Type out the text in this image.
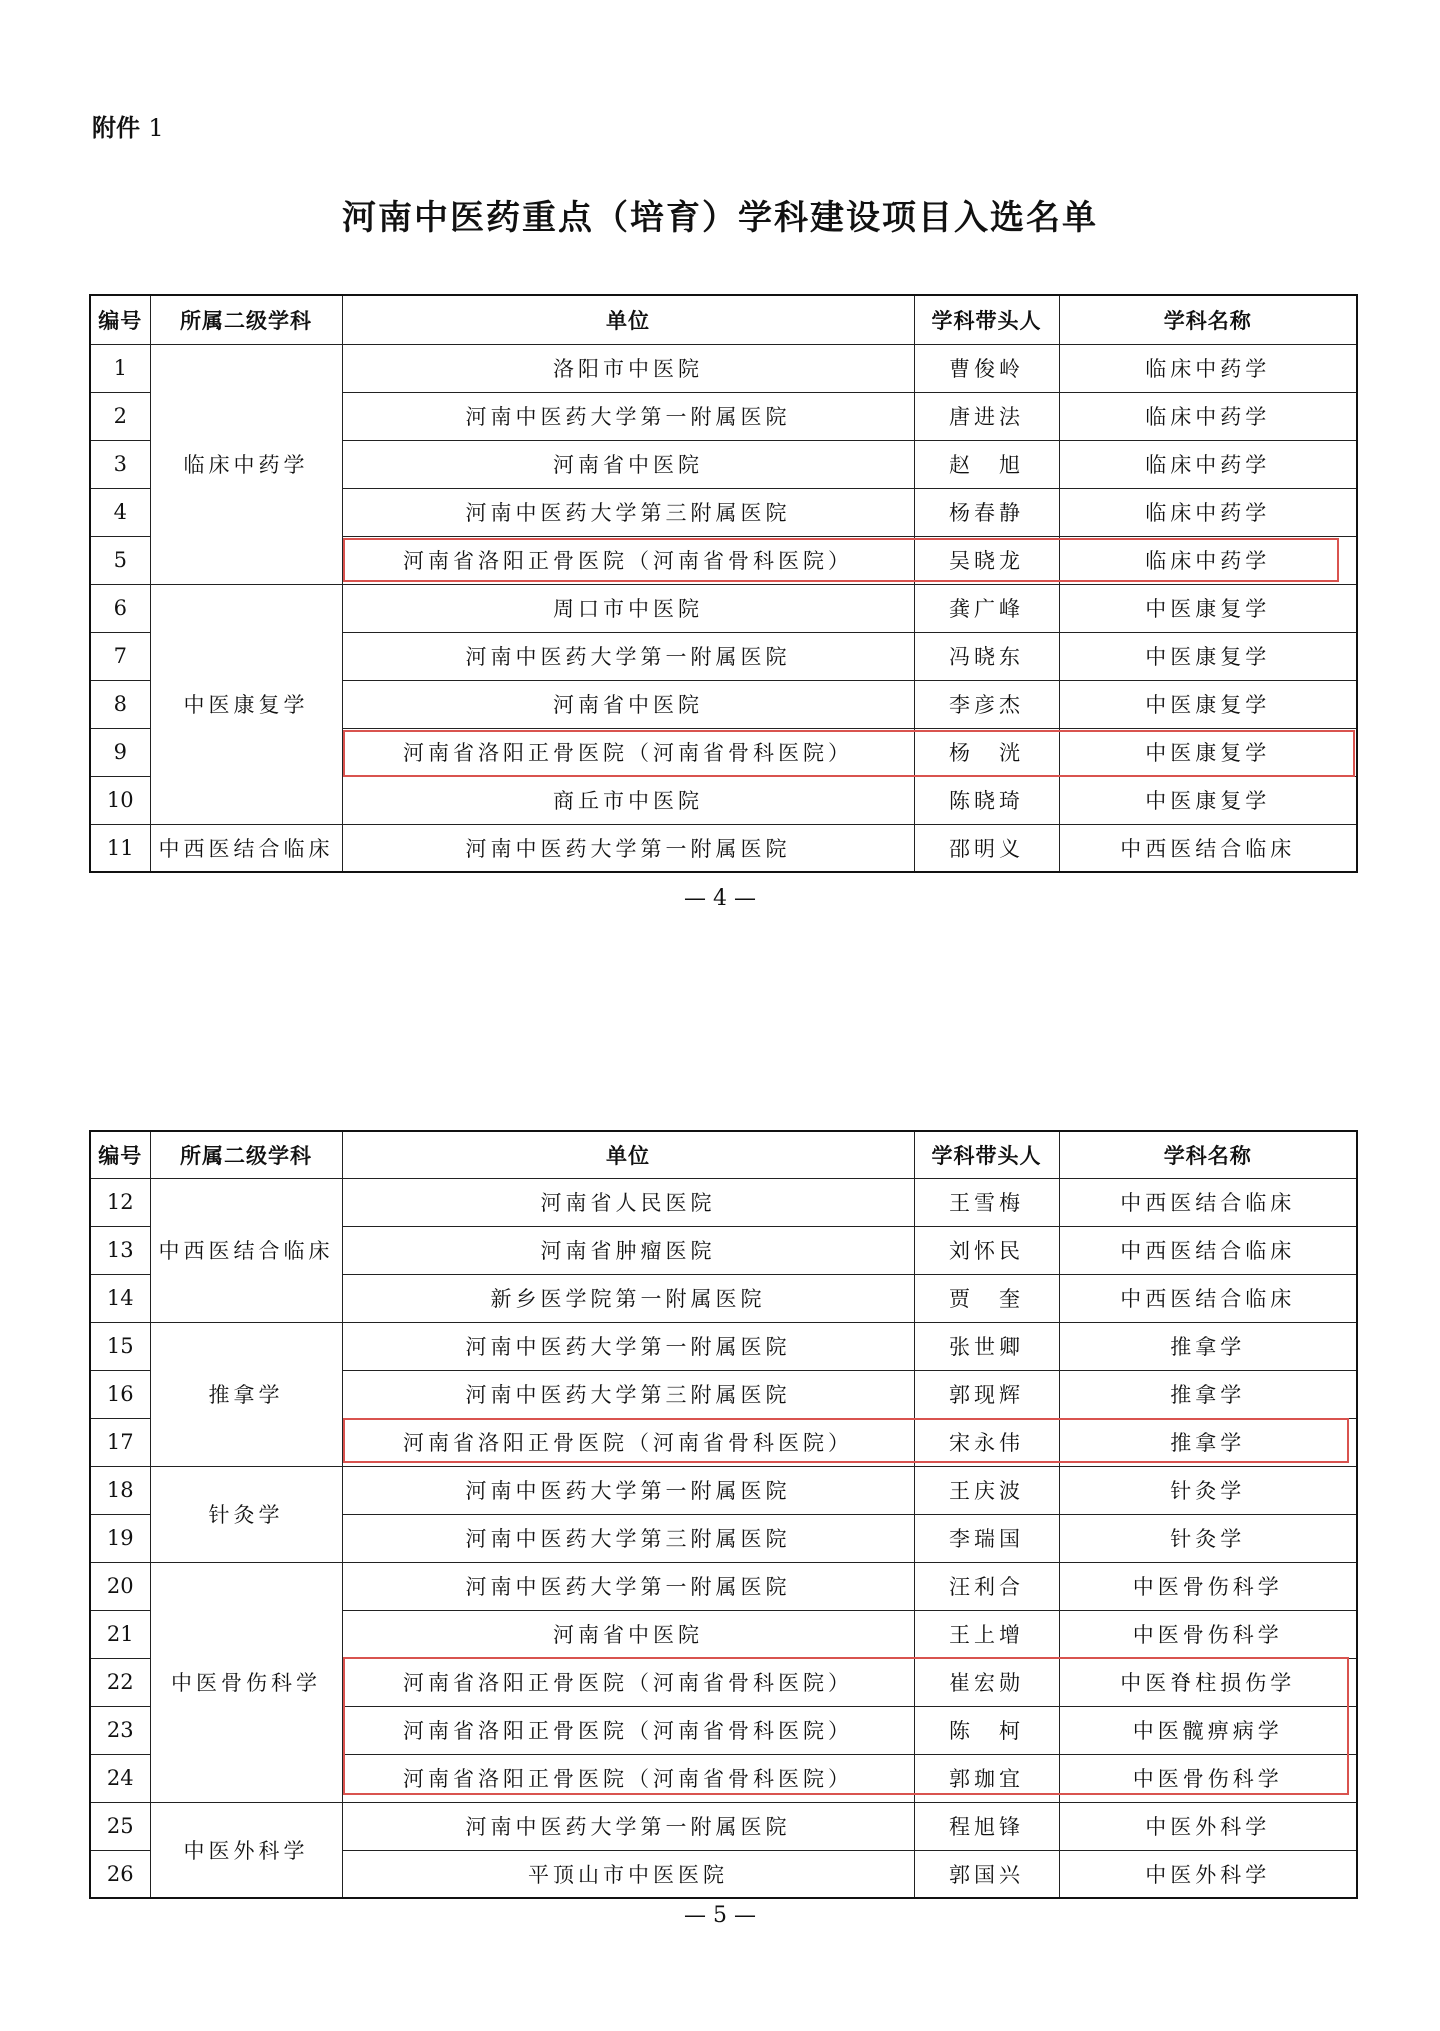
附件 1
河南中医药重点（培育）学科建设项目入选名单
编号	所属二级学科	单位	学科带头人	学科名称
1	临床中药学	洛阳市中医院	曹俊岭	临床中药学
2		河南中医药大学第一附属医院	唐进法	临床中药学
3		河南省中医院	赵　旭	临床中药学
4		河南中医药大学第三附属医院	杨春静	临床中药学
5		河南省洛阳正骨医院（河南省骨科医院）	吴晓龙	临床中药学
6	中医康复学	周口市中医院	龚广峰	中医康复学
7		河南中医药大学第一附属医院	冯晓东	中医康复学
8		河南省中医院	李彦杰	中医康复学
9		河南省洛阳正骨医院（河南省骨科医院）	杨　洸	中医康复学
10		商丘市中医院	陈晓琦	中医康复学
11	中西医结合临床	河南中医药大学第一附属医院	邵明义	中西医结合临床
— 4 —
编号	所属二级学科	单位	学科带头人	学科名称
12	中西医结合临床	河南省人民医院	王雪梅	中西医结合临床
13		河南省肿瘤医院	刘怀民	中西医结合临床
14		新乡医学院第一附属医院	贾　奎	中西医结合临床
15	推拿学	河南中医药大学第一附属医院	张世卿	推拿学
16		河南中医药大学第三附属医院	郭现辉	推拿学
17		河南省洛阳正骨医院（河南省骨科医院）	宋永伟	推拿学
18	针灸学	河南中医药大学第一附属医院	王庆波	针灸学
19		河南中医药大学第三附属医院	李瑞国	针灸学
20	中医骨伤科学	河南中医药大学第一附属医院	汪利合	中医骨伤科学
21		河南省中医院	王上增	中医骨伤科学
22		河南省洛阳正骨医院（河南省骨科医院）	崔宏勋	中医脊柱损伤学
23		河南省洛阳正骨医院（河南省骨科医院）	陈　柯	中医髋痹病学
24		河南省洛阳正骨医院（河南省骨科医院）	郭珈宜	中医骨伤科学
25	中医外科学	河南中医药大学第一附属医院	程旭锋	中医外科学
26		平顶山市中医医院	郭国兴	中医外科学
— 5 —
